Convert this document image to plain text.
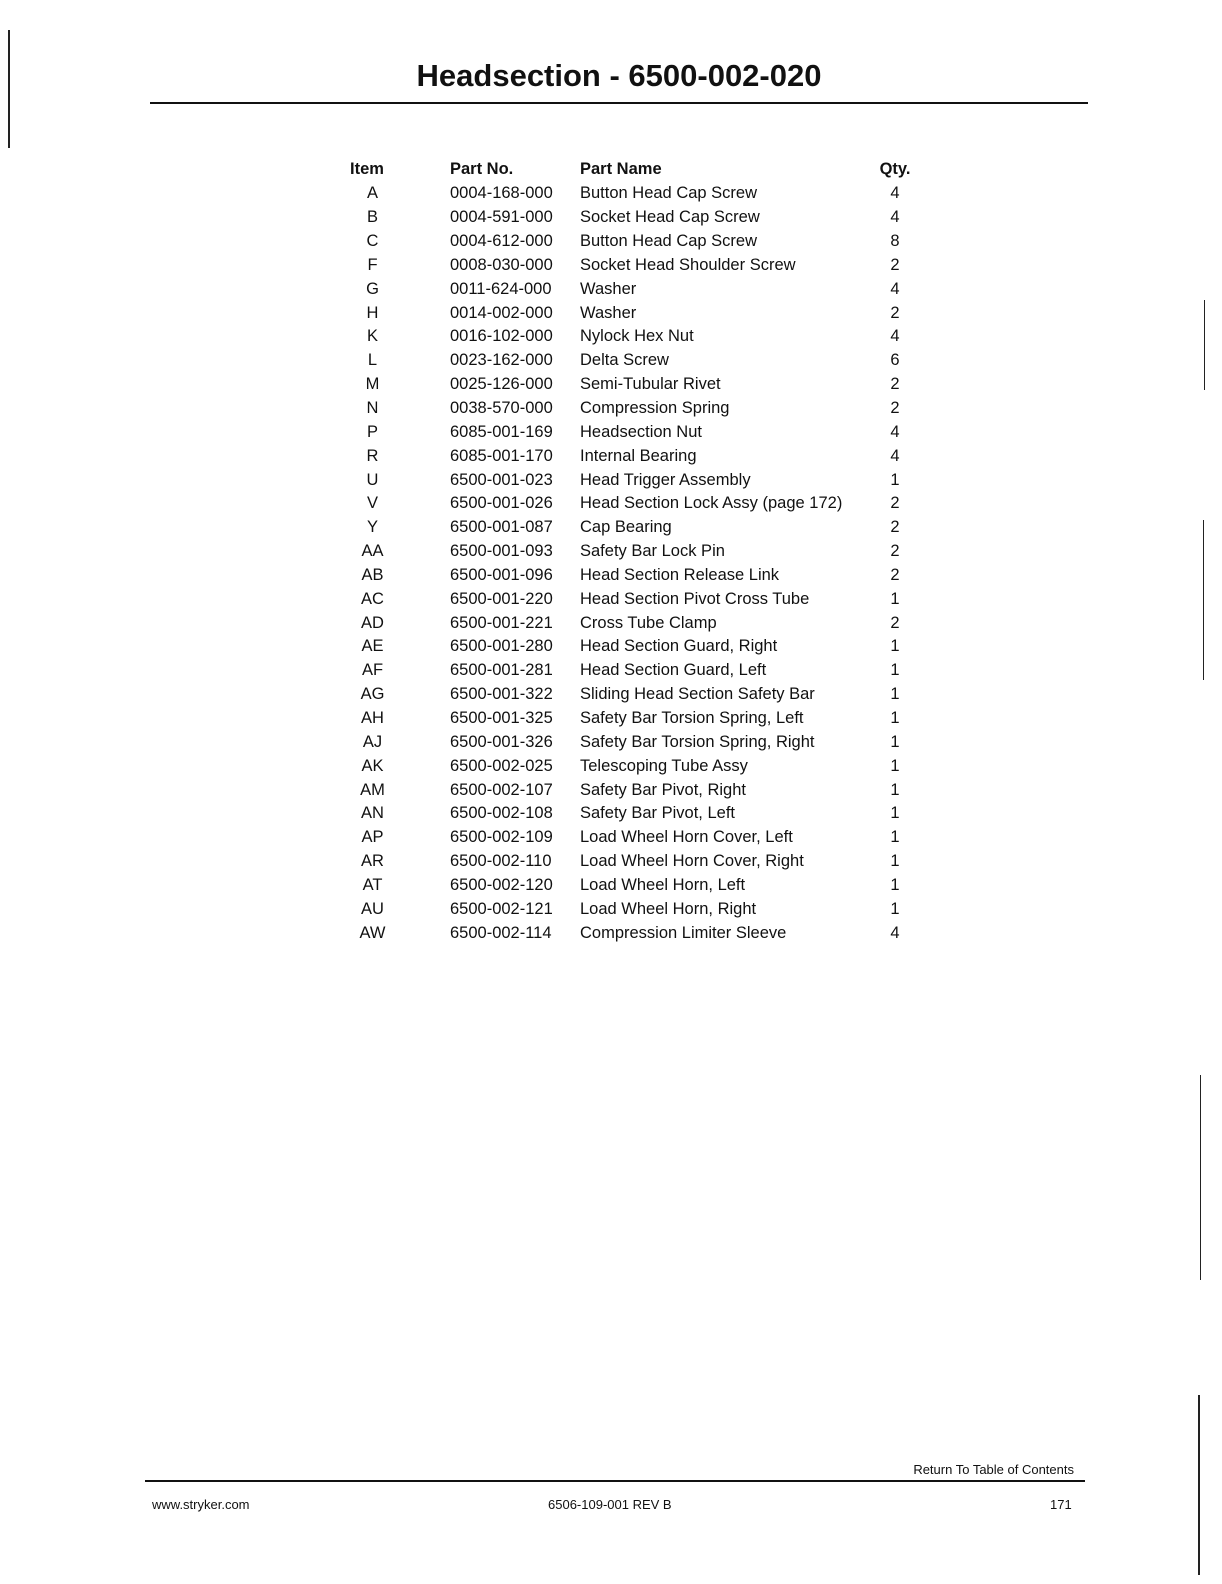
Headsection - 6500-002-020
Item	Part No.	Part Name	Qty.
A	0004-168-000	Button Head Cap Screw	4
B	0004-591-000	Socket Head Cap Screw	4
C	0004-612-000	Button Head Cap Screw	8
F	0008-030-000	Socket Head Shoulder Screw	2
G	0011-624-000	Washer	4
H	0014-002-000	Washer	2
K	0016-102-000	Nylock Hex Nut	4
L	0023-162-000	Delta Screw	6
M	0025-126-000	Semi-Tubular Rivet	2
N	0038-570-000	Compression Spring	2
P	6085-001-169	Headsection Nut	4
R	6085-001-170	Internal Bearing	4
U	6500-001-023	Head Trigger Assembly	1
V	6500-001-026	Head Section Lock Assy (page 172)	2
Y	6500-001-087	Cap Bearing	2
AA	6500-001-093	Safety Bar Lock Pin	2
AB	6500-001-096	Head Section Release Link	2
AC	6500-001-220	Head Section Pivot Cross Tube	1
AD	6500-001-221	Cross Tube Clamp	2
AE	6500-001-280	Head Section Guard, Right	1
AF	6500-001-281	Head Section Guard, Left	1
AG	6500-001-322	Sliding Head Section Safety Bar	1
AH	6500-001-325	Safety Bar Torsion Spring, Left	1
AJ	6500-001-326	Safety Bar Torsion Spring, Right	1
AK	6500-002-025	Telescoping Tube Assy	1
AM	6500-002-107	Safety Bar Pivot, Right	1
AN	6500-002-108	Safety Bar Pivot, Left	1
AP	6500-002-109	Load Wheel Horn Cover, Left	1
AR	6500-002-110	Load Wheel Horn Cover, Right	1
AT	6500-002-120	Load Wheel Horn, Left	1
AU	6500-002-121	Load Wheel Horn, Right	1
AW	6500-002-114	Compression Limiter Sleeve	4
Return To Table of Contents
www.stryker.com	6506-109-001 REV B	171
